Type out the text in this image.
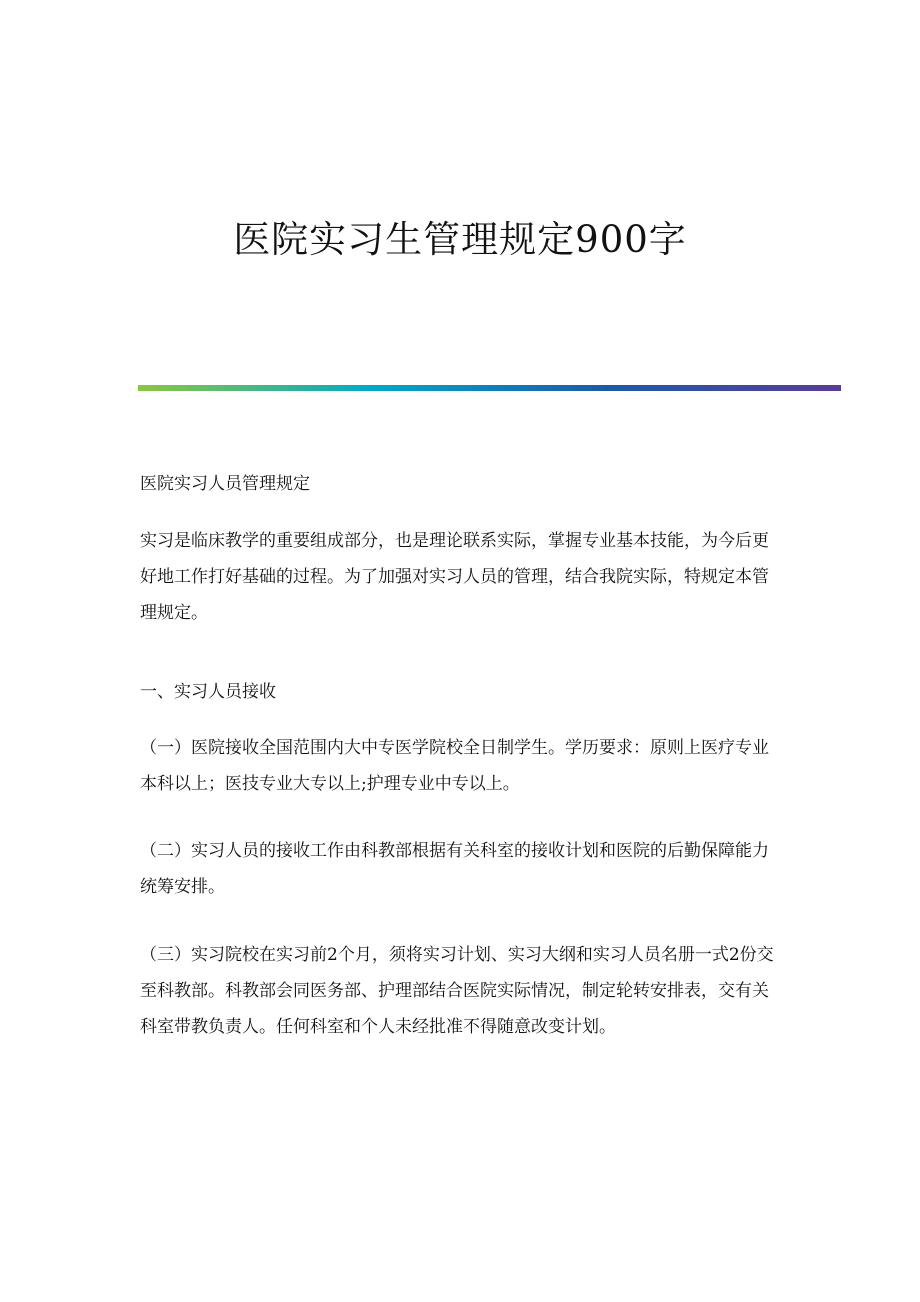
医院实习生管理规定900字

医院实习人员管理规定

实习是临床教学的重要组成部分，也是理论联系实际，掌握专业基本技能，为今后更好地工作打好基础的过程。为了加强对实习人员的管理，结合我院实际，特规定本管理规定。

一、实习人员接收

（一）医院接收全国范围内大中专医学院校全日制学生。学历要求：原则上医疗专业本科以上；医技专业大专以上;护理专业中专以上。

（二）实习人员的接收工作由科教部根据有关科室的接收计划和医院的后勤保障能力统筹安排。

（三）实习院校在实习前2个月，须将实习计划、实习大纲和实习人员名册一式2份交至科教部。科教部会同医务部、护理部结合医院实际情况，制定轮转安排表，交有关科室带教负责人。任何科室和个人未经批准不得随意改变计划。
